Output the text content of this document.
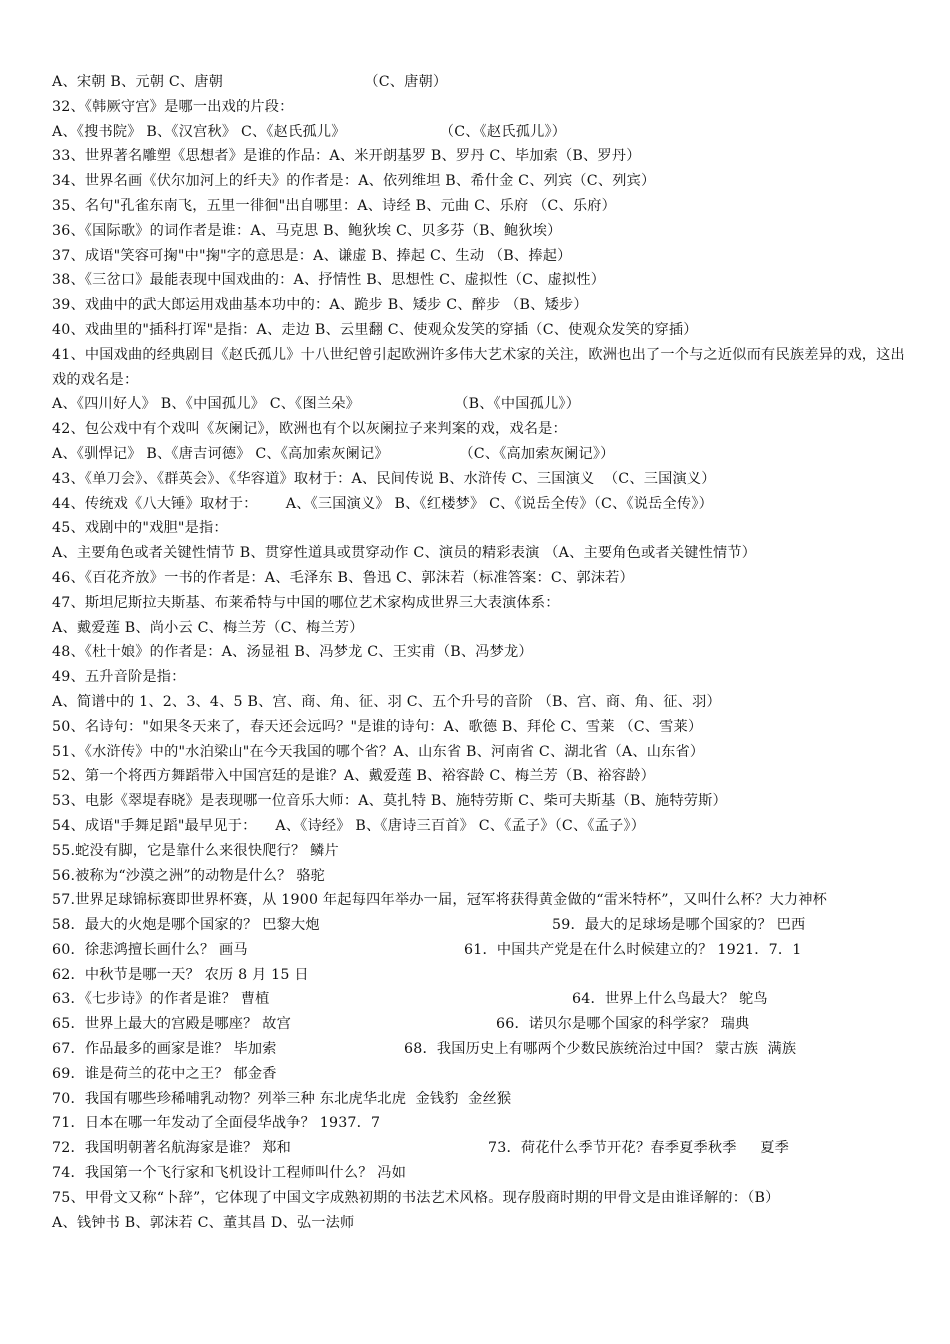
A、宋朝 B、元朝 C、唐朝                              （C、唐朝）
32、《韩厥守宫》是哪一出戏的片段：
A、《搜书院》 B、《汉宫秋》 C、《赵氏孤儿》                    （C、《赵氏孤儿》）
33、世界著名雕塑《思想者》是谁的作品：A、米开朗基罗 B、罗丹 C、毕加索（B、罗丹）
34、世界名画《伏尔加河上的纤夫》的作者是：A、依列维坦 B、希什金 C、列宾（C、列宾）
35、名句"孔雀东南飞，五里一徘徊"出自哪里：A、诗经 B、元曲 C、乐府 （C、乐府）
36、《国际歌》的词作者是谁：A、马克思 B、鲍狄埃 C、贝多芬（B、鲍狄埃）
37、成语"笑容可掬"中"掬"字的意思是：A、谦虚 B、捧起 C、生动 （B、捧起）
38、《三岔口》最能表现中国戏曲的：A、抒情性 B、思想性 C、虚拟性（C、虚拟性）
39、戏曲中的武大郎运用戏曲基本功中的：A、跪步 B、矮步 C、醉步 （B、矮步）
40、戏曲里的"插科打诨"是指：A、走边 B、云里翻 C、使观众发笑的穿插（C、使观众发笑的穿插）
41、中国戏曲的经典剧目《赵氏孤儿》十八世纪曾引起欧洲许多伟大艺术家的关注，欧洲也出了一个与之近似而有民族差异的戏，这出戏的戏名是：
A、《四川好人》 B、《中国孤儿》 C、《图兰朵》                    （B、《中国孤儿》）
42、包公戏中有个戏叫《灰阑记》，欧洲也有个以灰阑拉子来判案的戏，戏名是：
A、《驯悍记》 B、《唐吉诃德》 C、《高加索灰阑记》               （C、《高加索灰阑记》）
43、《单刀会》、《群英会》、《华容道》取材于：A、民间传说 B、水浒传 C、三国演义  （C、三国演义）
44、传统戏《八大锤》取材于：      A、《三国演义》 B、《红楼梦》 C、《说岳全传》（C、《说岳全传》）
45、戏剧中的"戏胆"是指：
A、主要角色或者关键性情节 B、贯穿性道具或贯穿动作 C、演员的精彩表演 （A、主要角色或者关键性情节）
46、《百花齐放》一书的作者是：A、毛泽东 B、鲁迅 C、郭沫若（标准答案：C、郭沫若）
47、斯坦尼斯拉夫斯基、布莱希特与中国的哪位艺术家构成世界三大表演体系：
A、戴爱莲 B、尚小云 C、梅兰芳（C、梅兰芳）
48、《杜十娘》的作者是：A、汤显祖 B、冯梦龙 C、王实甫（B、冯梦龙）
49、五升音阶是指：
A、简谱中的 1、2、3、4、5 B、宫、商、角、征、羽 C、五个升号的音阶 （B、宫、商、角、征、羽）
50、名诗句："如果冬天来了，春天还会远吗？"是谁的诗句：A、歌德 B、拜伦 C、雪莱 （C、雪莱）
51、《水浒传》中的"水泊梁山"在今天我国的哪个省？A、山东省 B、河南省 C、湖北省（A、山东省）
52、第一个将西方舞蹈带入中国宫廷的是谁？A、戴爱莲 B、裕容龄 C、梅兰芳（B、裕容龄）
53、电影《翠堤春晓》是表现哪一位音乐大师：A、莫扎特 B、施特劳斯 C、柴可夫斯基（B、施特劳斯）
54、成语"手舞足蹈"最早见于：    A、《诗经》 B、《唐诗三百首》 C、《孟子》（C、《孟子》）
55.蛇没有脚，它是靠什么来很快爬行？ 鳞片
56.被称为“沙漠之洲”的动物是什么？ 骆驼
57.世界足球锦标赛即世界杯赛，从 1900 年起每四年举办一届，冠军将获得黄金做的“雷米特杯”，又叫什么杯？大力神杯

58．最大的火炮是哪个国家的？ 巴黎大炮

	59．最大的足球场是哪个国家的？ 巴西

60．徐悲鸿擅长画什么？ 画马

	61．中国共产党是在什么时候建立的？ 1921．7．1

62．中秋节是哪一天？ 农历 8 月 15 日

63．《七步诗》的作者是谁？ 曹植

	64．世界上什么鸟最大？ 鸵鸟

65．世界上最大的宫殿是哪座？ 故宫

	66．诺贝尔是哪个国家的科学家？ 瑞典

67．作品最多的画家是谁？ 毕加索

	68．我国历史上有哪两个少数民族统治过中国？ 蒙古族  满族

69．谁是荷兰的花中之王？ 郁金香

70．我国有哪些珍稀哺乳动物？列举三种 东北虎华北虎  金钱豹  金丝猴

71．日本在哪一年发动了全面侵华战争？ 1937．7

72．我国明朝著名航海家是谁？ 郑和

	73．荷花什么季节开花？春季夏季秋季     夏季

74．我国第一个飞行家和飞机设计工程师叫什么？ 冯如

75、甲骨文又称“卜辞”，它体现了中国文字成熟初期的书法艺术风格。现存殷商时期的甲骨文是由谁译解的：（B）
A、钱钟书 B、郭沫若 C、董其昌 D、弘一法师
